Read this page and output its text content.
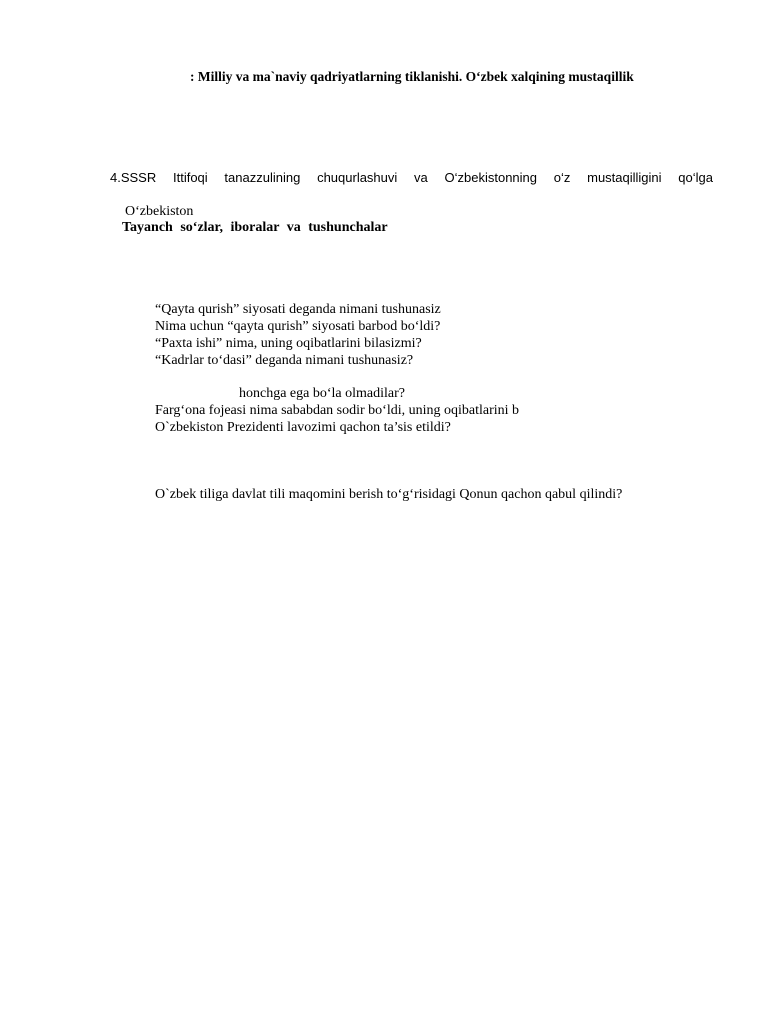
: Milliy va ma`naviy qadriyatlarning tiklanishi. O‘zbek xalqining mustaqillik
4.SSSR Ittifoqi tanazzulining chuqurlashuvi va O‘zbekistonning o‘z mustaqilligini qo‘lga
O‘zbekiston
Tayanch so‘zlar, iboralar va tushunchalar
“Qayta qurish” siyosati deganda nimani tushunasiz
Nima uchun “qayta qurish” siyosati barbod bo‘ldi?
“Paxta ishi” nima, uning oqibatlarini bilasizmi?
“Kadrlar to‘dasi” deganda nimani tushunasiz?
honchga ega bo‘la olmadilar?
Farg‘ona fojeasi nima sababdan sodir bo‘ldi, uning oqibatlarini b
O`zbekiston Prezidenti lavozimi qachon ta’sis etildi?
O`zbek tiliga davlat tili maqomini berish to‘g‘risidagi Qonun qachon qabul qilindi?
